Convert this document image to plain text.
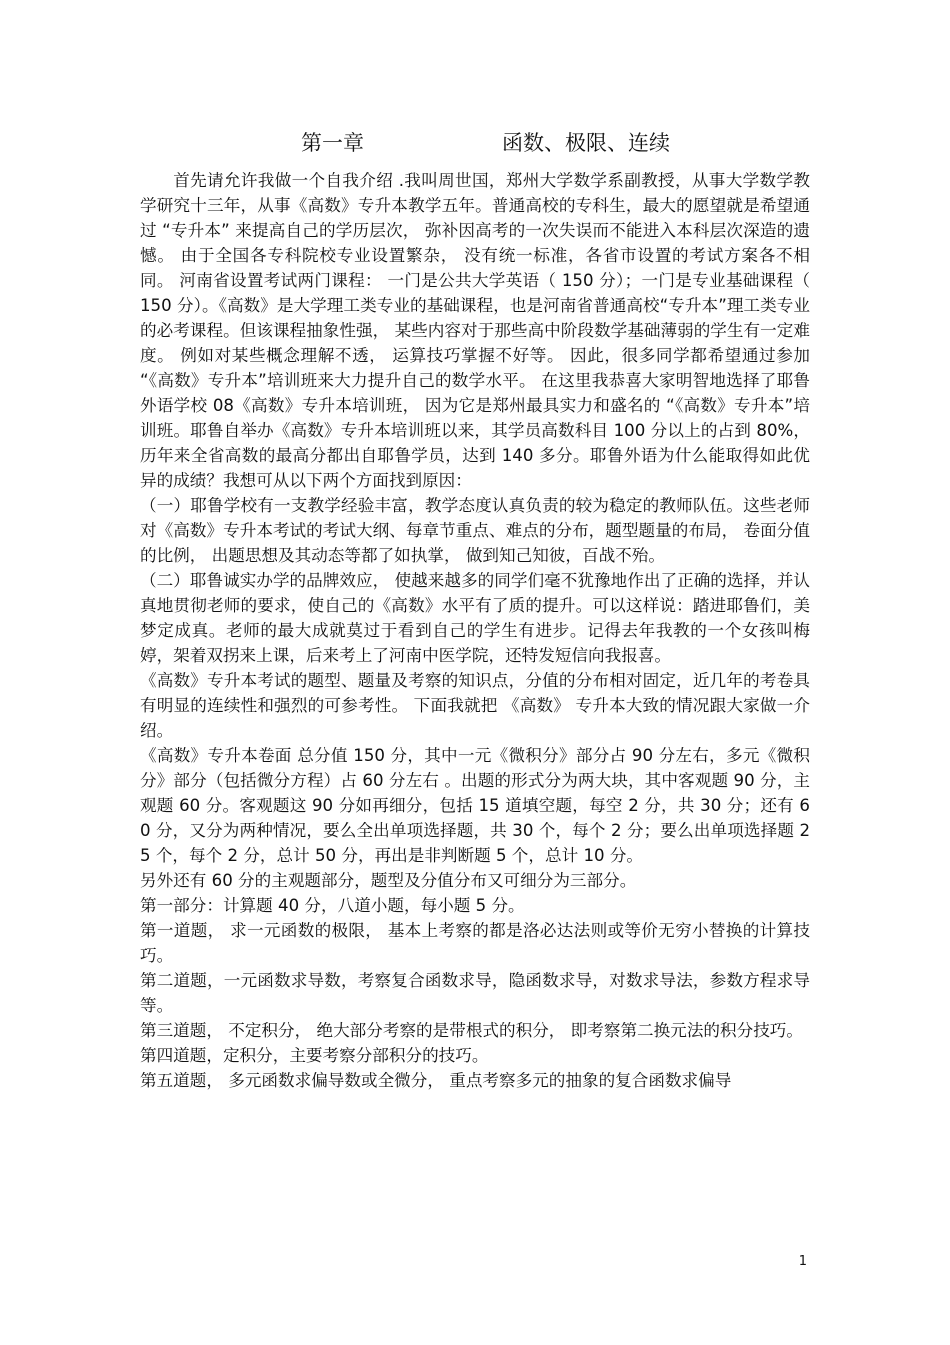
第一章	函数、极限、连续

首先请允许我做一个自我介绍 .我叫周世国，郑州大学数学系副教授，从事大学数学教学研究十三年，从事《高数》专升本教学五年。普通高校的专科生，最大的愿望就是希望通过 “专升本” 来提高自己的学历层次， 弥补因高考的一次失误而不能进入本科层次深造的遗憾。 由于全国各专科院校专业设置繁杂， 没有统一标准，各省市设置的考试方案各不相同。 河南省设置考试两门课程： 一门是公共大学英语（ 150 分）；一门是专业基础课程（ 150 分）。《高数》是大学理工类专业的基础课程，也是河南省普通高校“专升本”理工类专业的必考课程。但该课程抽象性强， 某些内容对于那些高中阶段数学基础薄弱的学生有一定难度。 例如对某些概念理解不透， 运算技巧掌握不好等。 因此，很多同学都希望通过参加 “《高数》专升本”培训班来大力提升自己的数学水平。 在这里我恭喜大家明智地选择了耶鲁外语学校 08《高数》专升本培训班， 因为它是郑州最具实力和盛名的 “《高数》专升本”培训班。耶鲁自举办《高数》专升本培训班以来，其学员高数科目 100 分以上的占到 80%，历年来全省高数的最高分都出自耶鲁学员，达到 140 多分。耶鲁外语为什么能取得如此优异的成绩？我想可从以下两个方面找到原因：

（一）耶鲁学校有一支教学经验丰富，教学态度认真负责的较为稳定的教师队伍。这些老师对《高数》专升本考试的考试大纲、每章节重点、难点的分布，题型题量的布局， 卷面分值的比例， 出题思想及其动态等都了如执掌， 做到知己知彼，百战不殆。

（二）耶鲁诚实办学的品牌效应， 使越来越多的同学们毫不犹豫地作出了正确的选择，并认真地贯彻老师的要求，使自己的《高数》水平有了质的提升。可以这样说：踏进耶鲁们，美梦定成真。老师的最大成就莫过于看到自己的学生有进步。记得去年我教的一个女孩叫梅婷，架着双拐来上课，后来考上了河南中医学院，还特发短信向我报喜。

《高数》专升本考试的题型、题量及考察的知识点，分值的分布相对固定，近几年的考卷具有明显的连续性和强烈的可参考性。 下面我就把 《高数》 专升本大致的情况跟大家做一介绍。

《高数》专升本卷面 总分值 150 分，其中一元《微积分》部分占 90 分左右，多元《微积分》部分（包括微分方程）占 60 分左右 。出题的形式分为两大块，其中客观题 90 分，主观题 60 分。客观题这 90 分如再细分，包括 15 道填空题，每空 2 分，共 30 分；还有 60 分，又分为两种情况，要么全出单项选择题，共 30 个，每个 2 分；要么出单项选择题 25 个，每个 2 分，总计 50 分，再出是非判断题 5 个，总计 10 分。

另外还有 60 分的主观题部分，题型及分值分布又可细分为三部分。

第一部分：计算题 40 分，八道小题，每小题 5 分。

第一道题， 求一元函数的极限， 基本上考察的都是洛必达法则或等价无穷小替换的计算技巧。

第二道题，一元函数求导数，考察复合函数求导，隐函数求导，对数求导法，参数方程求导等。

第三道题， 不定积分， 绝大部分考察的是带根式的积分， 即考察第二换元法的积分技巧。

第四道题，定积分，主要考察分部积分的技巧。

第五道题， 多元函数求偏导数或全微分， 重点考察多元的抽象的复合函数求偏导

1
